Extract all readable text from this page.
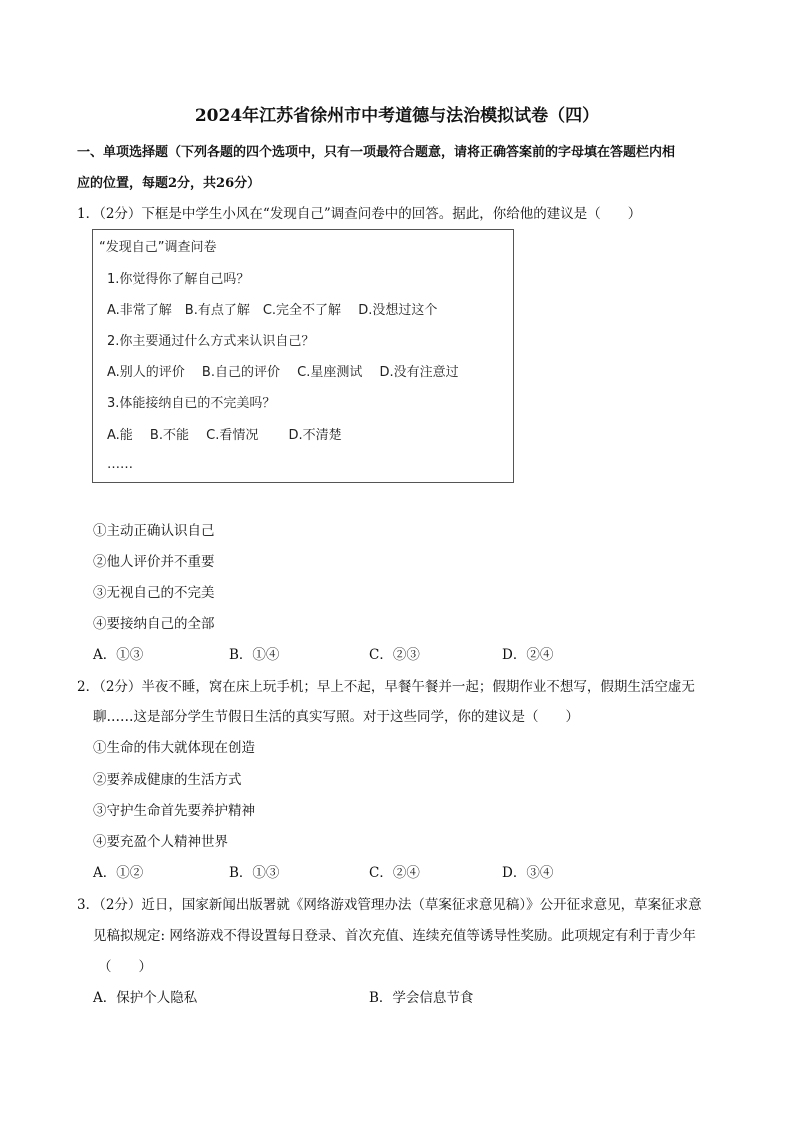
2024年江苏省徐州市中考道德与法治模拟试卷（四）
一、单项选择题（下列各题的四个选项中，只有一项最符合题意，请将正确答案前的字母填在答题栏内相
应的位置，每题2分，共26分）
1．（2分）下框是中学生小风在“发现自己”调查问卷中的回答。据此，你给他的建议是（　　）
“发现自己”调查问卷
1.你觉得你了解自己吗？
A.非常了解　B.有点了解　C.完全不了解　 D.没想过这个
2.你主要通过什么方式来认识自己？
A.别人的评价　 B.自己的评价　 C.星座测试　 D.没有注意过
3.体能接纳自已的不完美吗？
A.能　 B.不能　 C.看情况　　 D.不清楚
……
①主动正确认识自己
②他人评价并不重要
③无视自己的不完美
④要接纳自己的全部
A．①③	B．①④	C．②③	D．②④
2．（2分）半夜不睡，窝在床上玩手机；早上不起，早餐午餐并一起；假期作业不想写，假期生活空虚无
聊……这是部分学生节假日生活的真实写照。对于这些同学，你的建议是（　　）
①生命的伟大就体现在创造
②要养成健康的生活方式
③守护生命首先要养护精神
④要充盈个人精神世界
A．①②	B．①③	C．②④	D．③④
3．（2分）近日，国家新闻出版署就《网络游戏管理办法（草案征求意见稿）》公开征求意见，草案征求意
见稿拟规定: 网络游戏不得设置每日登录、首次充值、连续充值等诱导性奖励。此项规定有利于青少年
（　　）
A．保护个人隐私	B．学会信息节食
